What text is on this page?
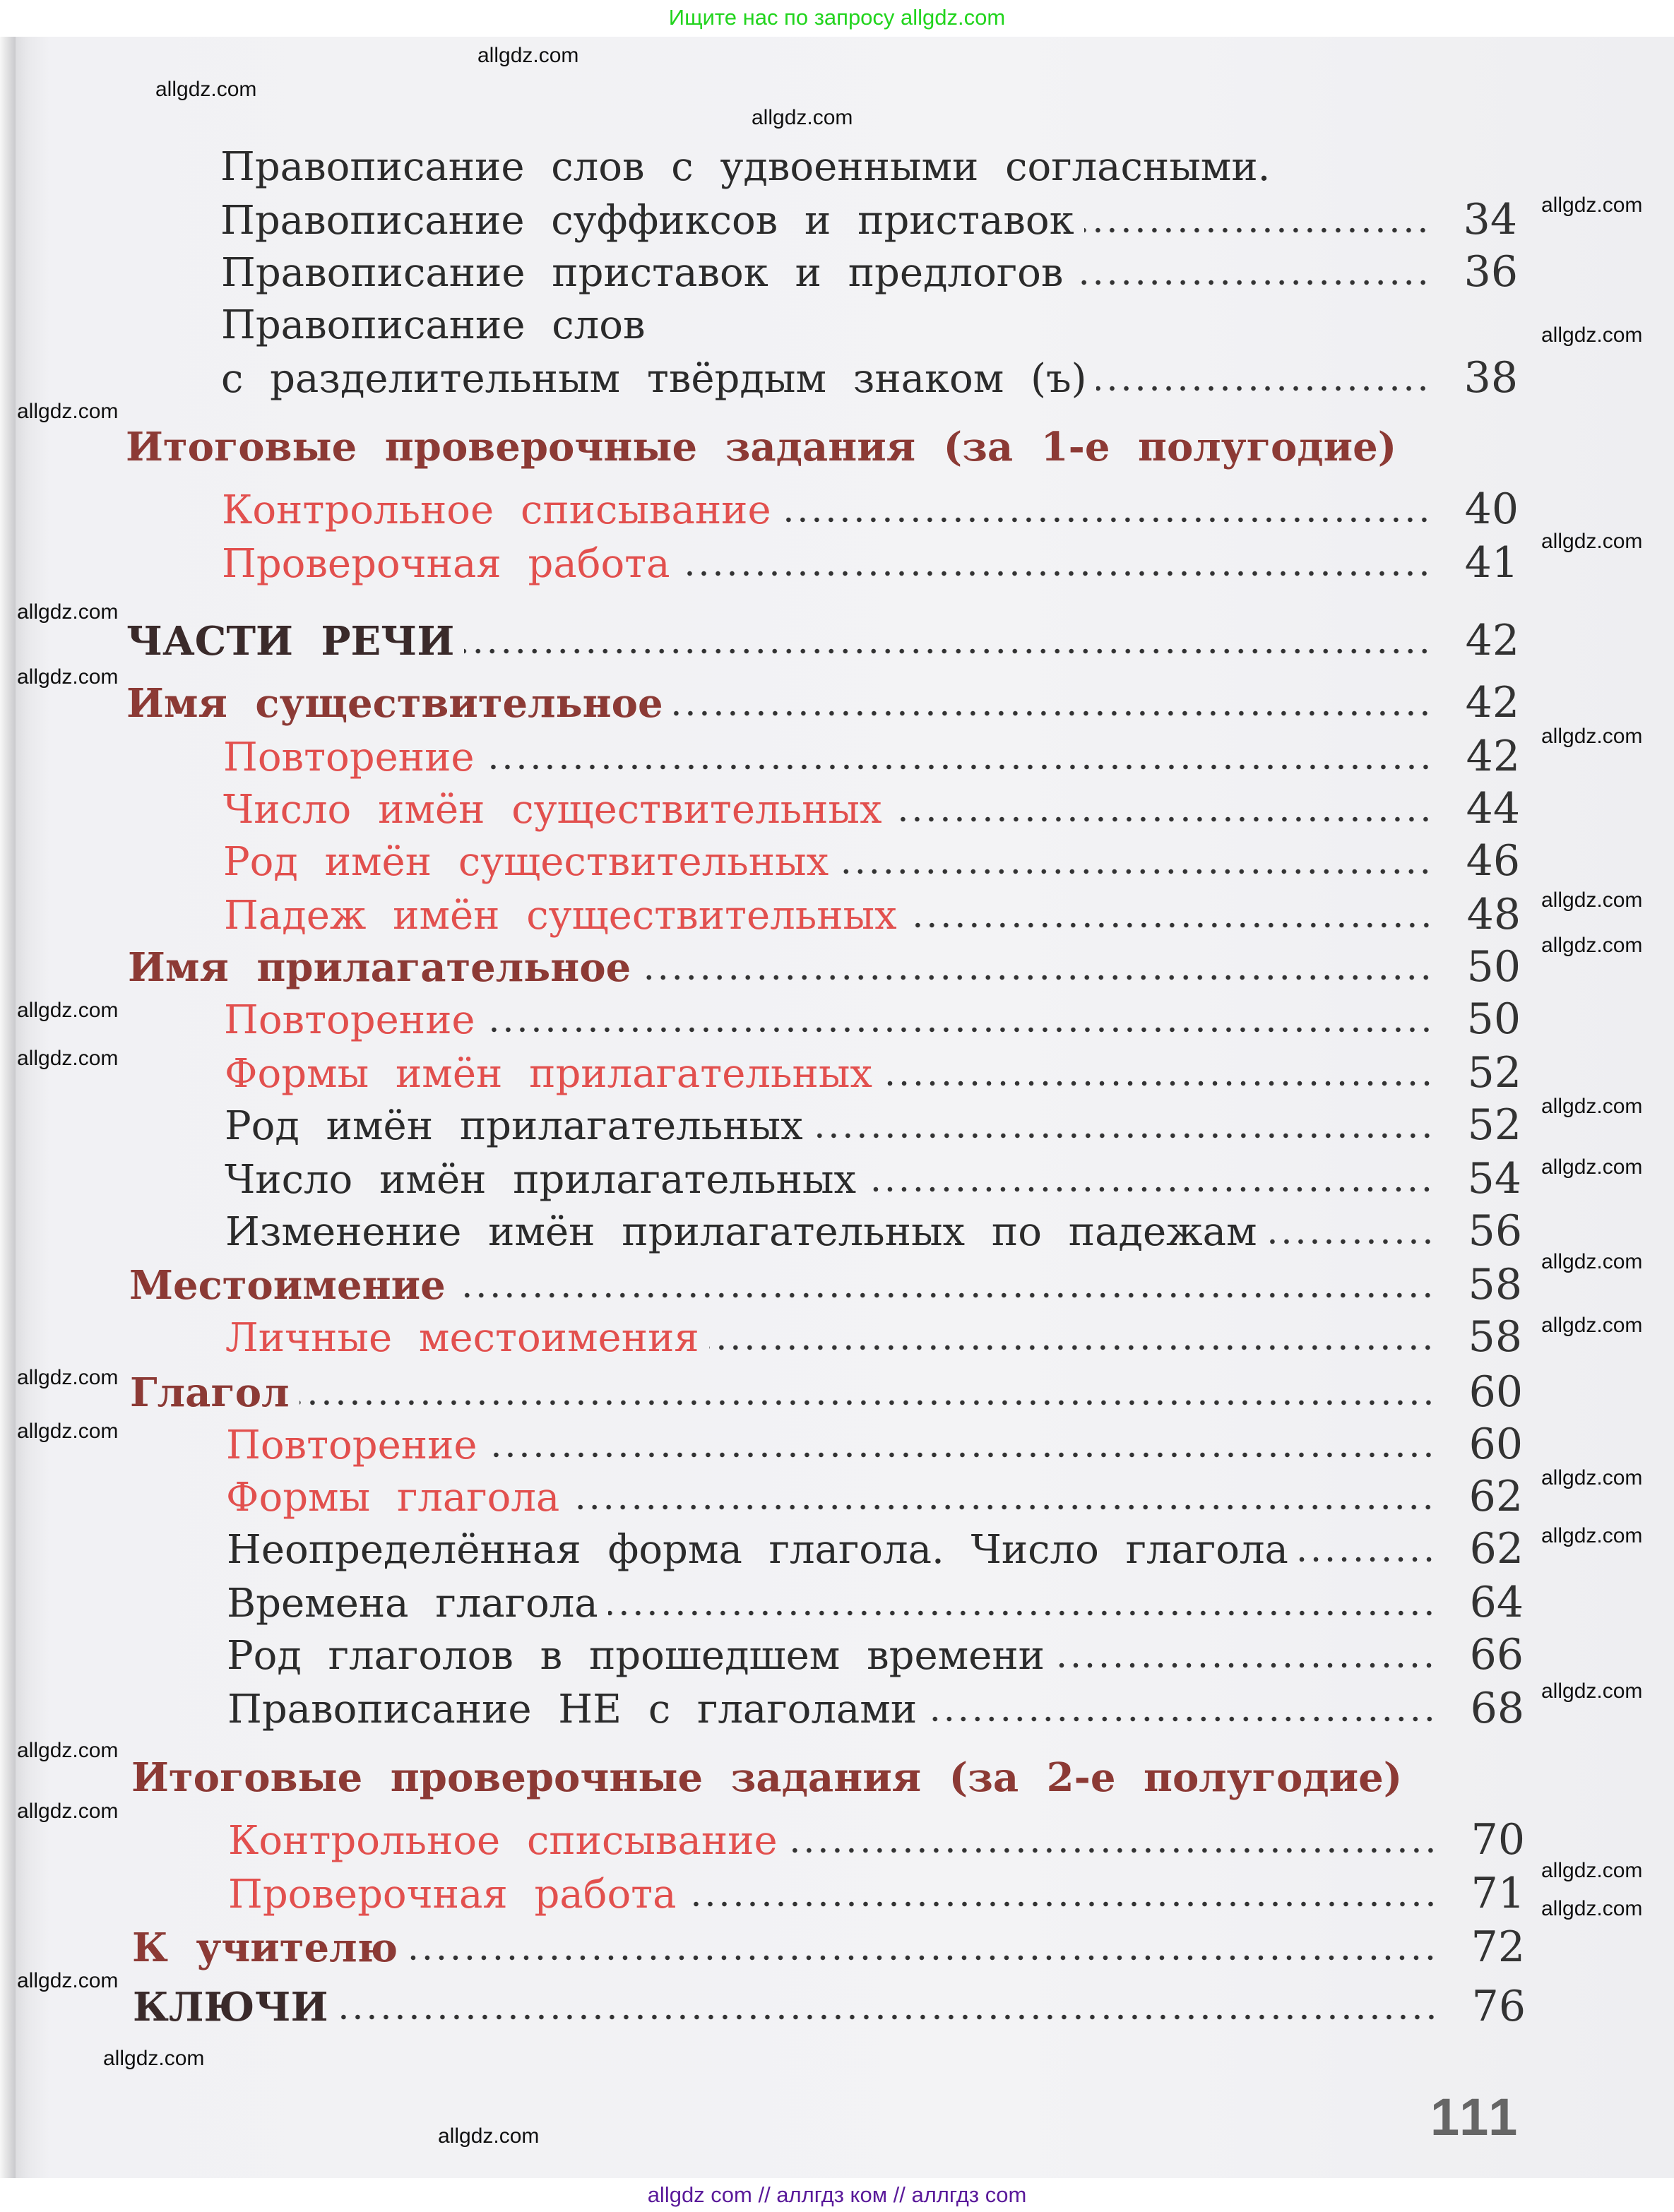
Ищите нас по запросу allgdz.com
Правописание слов с удвоенными согласными.
Правописание суффиксов и приставок	34
Правописание приставок и предлогов	36
Правописание слов
с разделительным твёрдым знаком (ъ)	38
Итоговые проверочные задания (за 1-е полугодие)
Контрольное списывание	40
Проверочная работа	41
ЧАСТИ РЕЧИ	42
Имя существительное	42
Повторение	42
Число имён существительных	44
Род имён существительных	46
Падеж имён существительных	48
Имя прилагательное	50
Повторение	50
Формы имён прилагательных	52
Род имён прилагательных	52
Число имён прилагательных	54
Изменение имён прилагательных по падежам	56
Местоимение	58
Личные местоимения	58
Глагол	60
Повторение	60
Формы глагола	62
Неопределённая форма глагола. Число глагола	62
Времена глагола	64
Род глаголов в прошедшем времени	66
Правописание НЕ с глаголами	68
Итоговые проверочные задания (за 2-е полугодие)
Контрольное списывание	70
Проверочная работа	71
К учителю	72
КЛЮЧИ	76
allgdz.com
allgdz.com
allgdz.com
allgdz.com
allgdz.com
allgdz.com
allgdz.com
allgdz.com
allgdz.com
allgdz.com
allgdz.com
allgdz.com
allgdz.com
allgdz.com
allgdz.com
allgdz.com
allgdz.com
allgdz.com
allgdz.com
allgdz.com
allgdz.com
allgdz.com
allgdz.com
allgdz.com
allgdz.com
allgdz.com
allgdz.com
allgdz.com
allgdz.com
allgdz.com	111
allgdz com // аллгдз ком // аллгдз com
